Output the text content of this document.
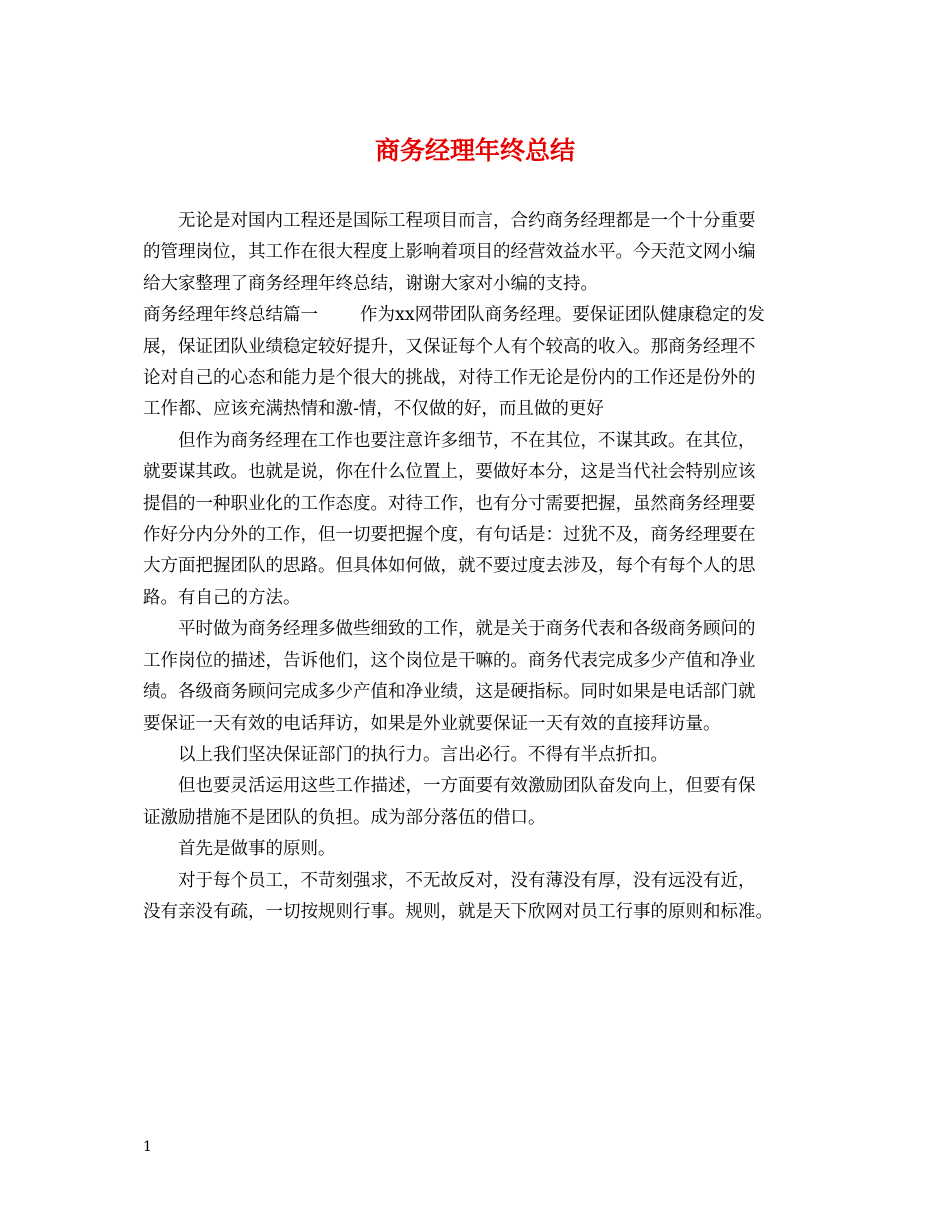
商务经理年终总结

无论是对国内工程还是国际工程项目而言，合约商务经理都是一个十分重要

的管理岗位，其工作在很大程度上影响着项目的经营效益水平。今天范文网小编

给大家整理了商务经理年终总结，谢谢大家对小编的支持。

商务经理年终总结篇一 作为xx网带团队商务经理。要保证团队健康稳定的发

展，保证团队业绩稳定较好提升，又保证每个人有个较高的收入。那商务经理不

论对自己的心态和能力是个很大的挑战，对待工作无论是份内的工作还是份外的

工作都、应该充满热情和激-情，不仅做的好，而且做的更好

但作为商务经理在工作也要注意许多细节，不在其位，不谋其政。在其位，

就要谋其政。也就是说，你在什么位置上，要做好本分，这是当代社会特别应该

提倡的一种职业化的工作态度。对待工作，也有分寸需要把握，虽然商务经理要

作好分内分外的工作，但一切要把握个度，有句话是：过犹不及，商务经理要在

大方面把握团队的思路。但具体如何做，就不要过度去涉及，每个有每个人的思

路。有自己的方法。

平时做为商务经理多做些细致的工作，就是关于商务代表和各级商务顾问的

工作岗位的描述，告诉他们，这个岗位是干嘛的。商务代表完成多少产值和净业

绩。各级商务顾问完成多少产值和净业绩，这是硬指标。同时如果是电话部门就

要保证一天有效的电话拜访，如果是外业就要保证一天有效的直接拜访量。

以上我们坚决保证部门的执行力。言出必行。不得有半点折扣。

但也要灵活运用这些工作描述，一方面要有效激励团队奋发向上，但要有保

证激励措施不是团队的负担。成为部分落伍的借口。

首先是做事的原则。

对于每个员工，不苛刻强求，不无故反对，没有薄没有厚，没有远没有近，

没有亲没有疏，一切按规则行事。规则，就是天下欣网对员工行事的原则和标准。

1
